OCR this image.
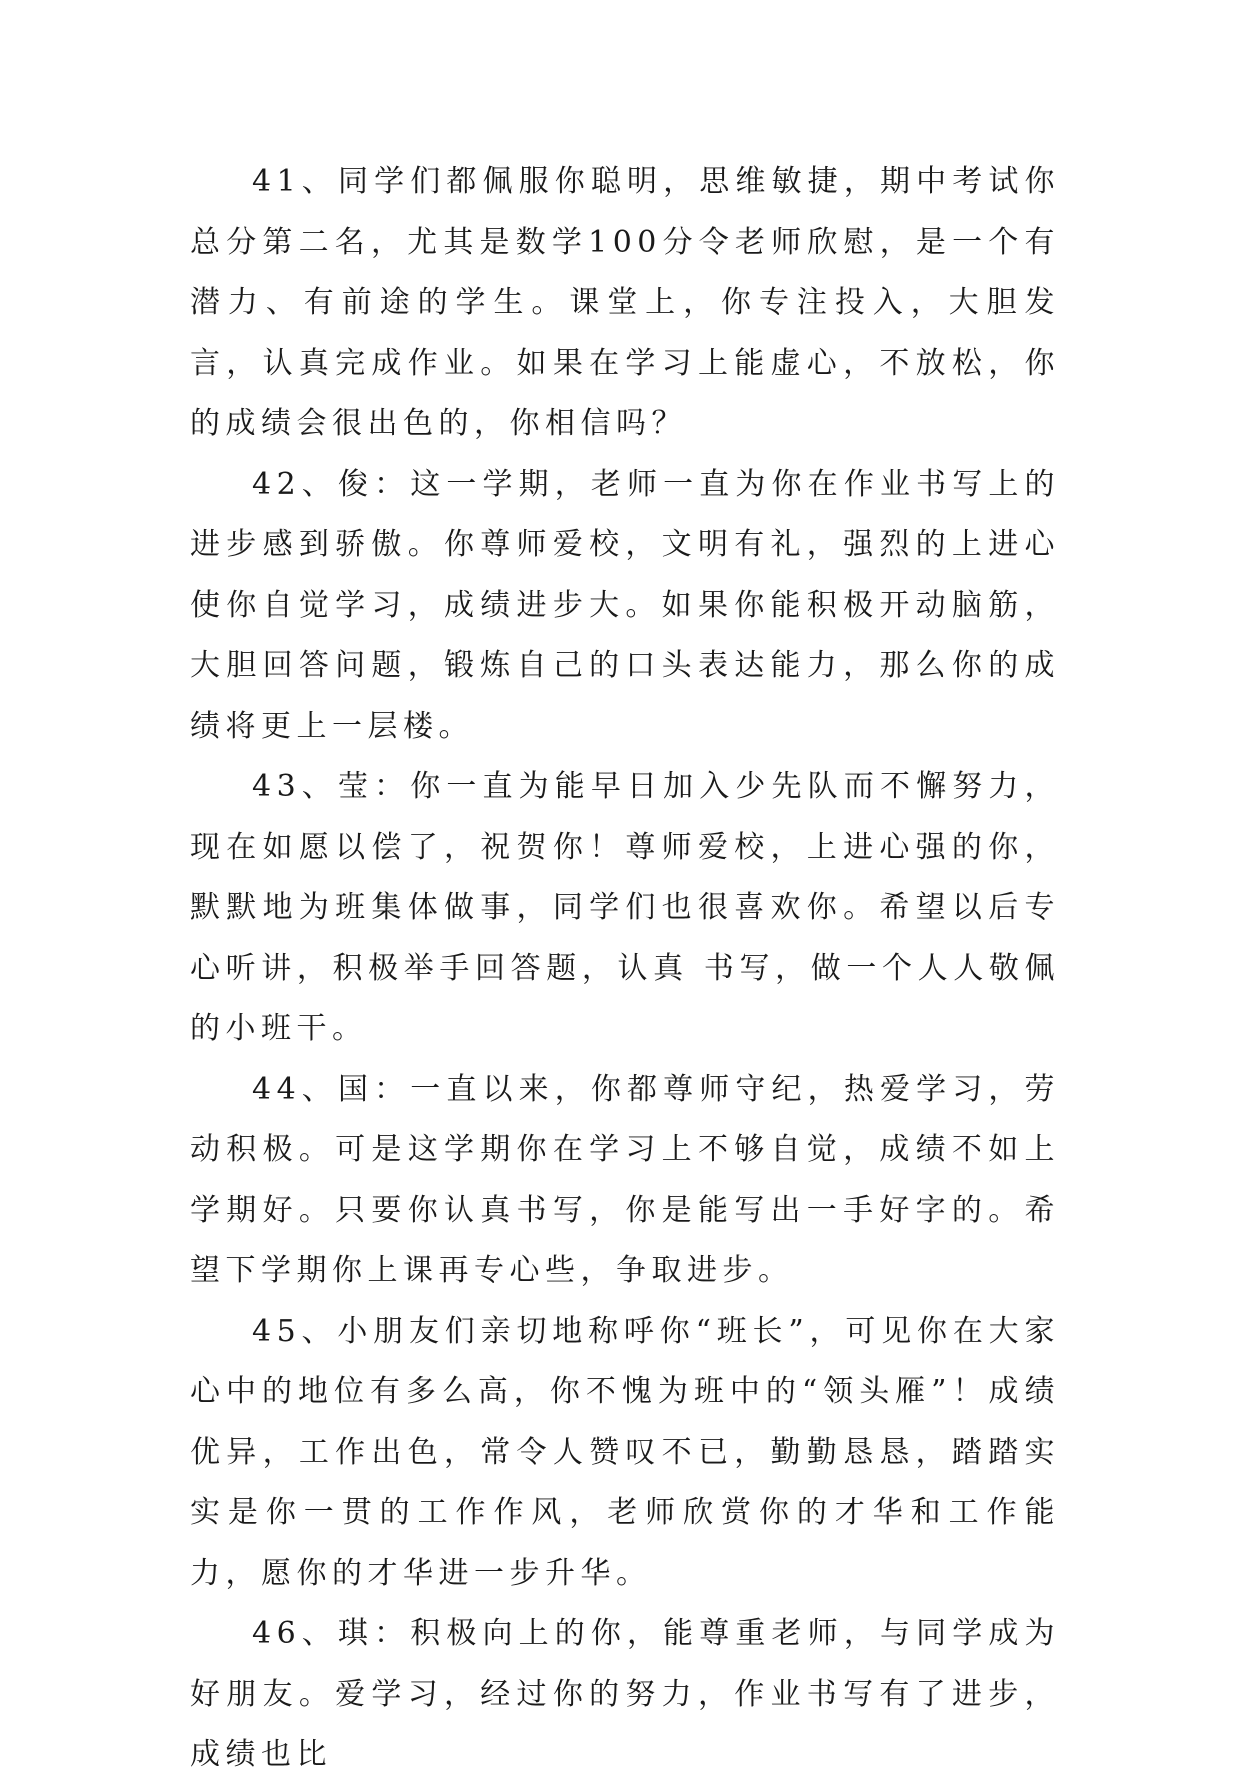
41、同学们都佩服你聪明，思维敏捷，期中考试你总分第二名，尤其是数学100分令老师欣慰，是一个有潜力、有前途的学生。课堂上，你专注投入，大胆发言，认真完成作业。如果在学习上能虚心，不放松，你的成绩会很出色的，你相信吗？

42、俊：这一学期，老师一直为你在作业书写上的进步感到骄傲。你尊师爱校，文明有礼，强烈的上进心使你自觉学习，成绩进步大。如果你能积极开动脑筋，大胆回答问题，锻炼自己的口头表达能力，那么你的成绩将更上一层楼。

43、莹：你一直为能早日加入少先队而不懈努力，现在如愿以偿了，祝贺你！尊师爱校，上进心强的你，默默地为班集体做事，同学们也很喜欢你。希望以后专心听讲，积极举手回答题，认真 书写，做一个人人敬佩的小班干。

44、国：一直以来，你都尊师守纪，热爱学习，劳动积极。可是这学期你在学习上不够自觉，成绩不如上学期好。只要你认真书写，你是能写出一手好字的。希望下学期你上课再专心些，争取进步。

45、小朋友们亲切地称呼你“班长”，可见你在大家心中的地位有多么高，你不愧为班中的“领头雁”！成绩优异，工作出色，常令人赞叹不已，勤勤恳恳，踏踏实实是你一贯的工作作风，老师欣赏你的才华和工作能力，愿你的才华进一步升华。

46、琪：积极向上的你，能尊重老师，与同学成为好朋友。爱学习，经过你的努力，作业书写有了进步，成绩也比
